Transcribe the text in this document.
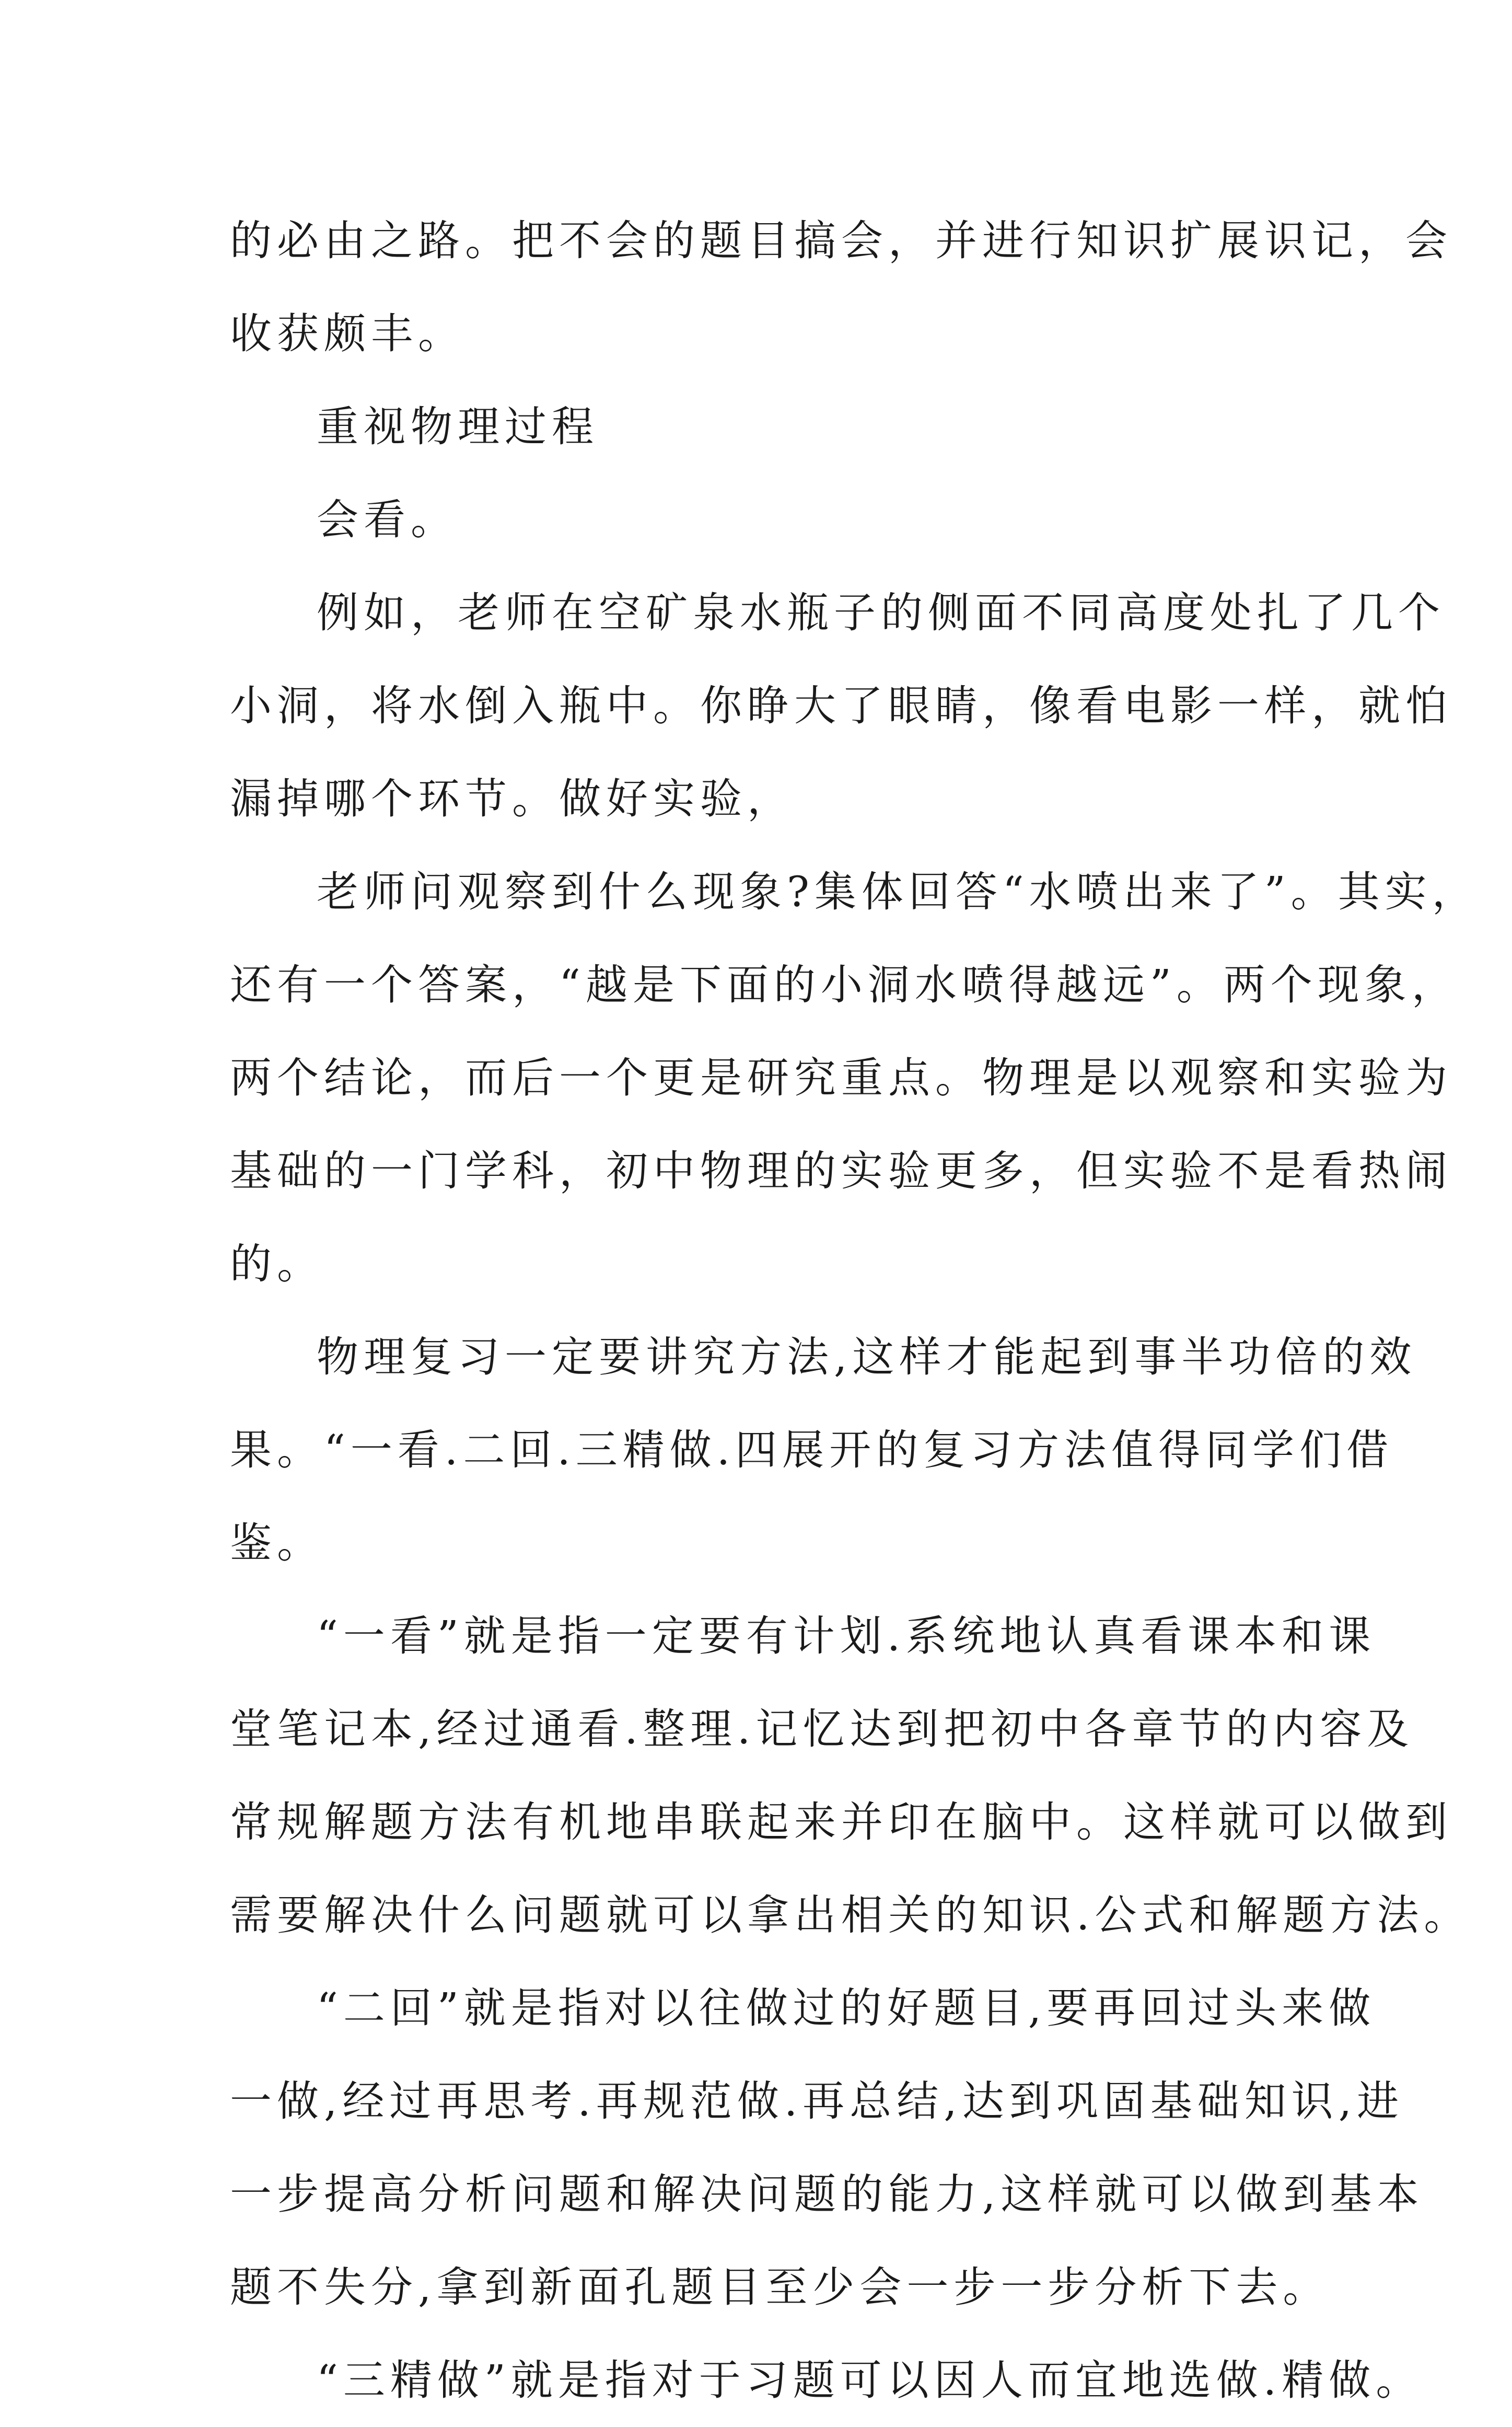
的必由之路。把不会的题目搞会，并进行知识扩展识记，会
收获颇丰。
重视物理过程
会看。
例如，老师在空矿泉水瓶子的侧面不同高度处扎了几个
小洞，将水倒入瓶中。你睁大了眼睛，像看电影一样，就怕
漏掉哪个环节。做好实验，
老师问观察到什么现象?集体回答“水喷出来了”。其实，
还有一个答案，“越是下面的小洞水喷得越远”。两个现象，
两个结论，而后一个更是研究重点。物理是以观察和实验为
基础的一门学科，初中物理的实验更多，但实验不是看热闹
的。
物理复习一定要讲究方法,这样才能起到事半功倍的效
果。“一看.二回.三精做.四展开的复习方法值得同学们借
鉴。
“一看”就是指一定要有计划.系统地认真看课本和课
堂笔记本,经过通看.整理.记忆达到把初中各章节的内容及
常规解题方法有机地串联起来并印在脑中。这样就可以做到
需要解决什么问题就可以拿出相关的知识.公式和解题方法。
“二回”就是指对以往做过的好题目,要再回过头来做
一做,经过再思考.再规范做.再总结,达到巩固基础知识,进
一步提高分析问题和解决问题的能力,这样就可以做到基本
题不失分,拿到新面孔题目至少会一步一步分析下去。
“三精做”就是指对于习题可以因人而宜地选做.精做。
